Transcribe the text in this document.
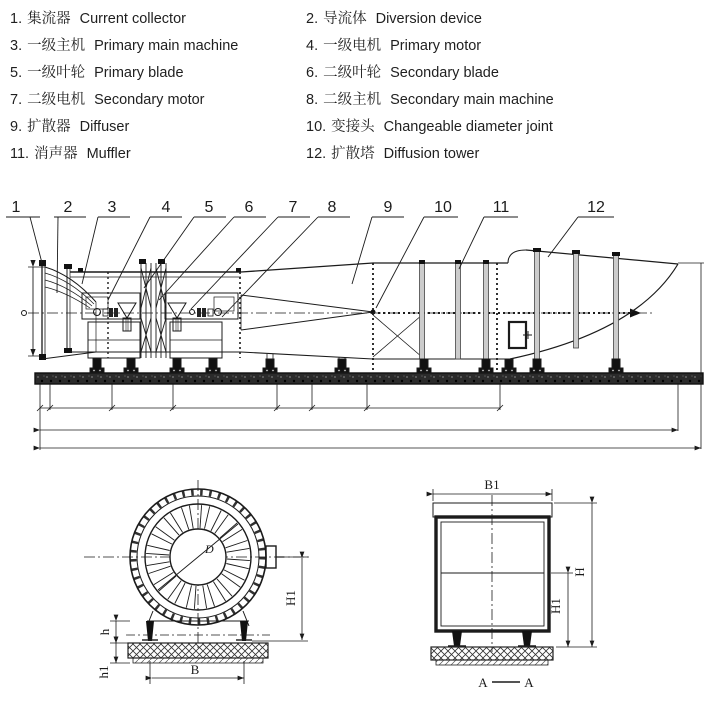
1. 集流器 Current collector	2. 导流体 Diversion device
3. 一级主机 Primary main machine	4. 一级电机 Primary motor
5. 一级叶轮 Primary blade	6. 二级叶轮 Secondary blade
7. 二级电机 Secondary motor	8. 二级主机 Secondary main machine
9. 扩散器 Diffuser	10. 变接头 Changeable diameter joint
11. 消声器 Muffler	12. 扩散塔 Diffusion tower
1	2 3	4 5 6 7 8	9	10	11	12
D
h
h1	B
H1
B1
H
H1
A	A
